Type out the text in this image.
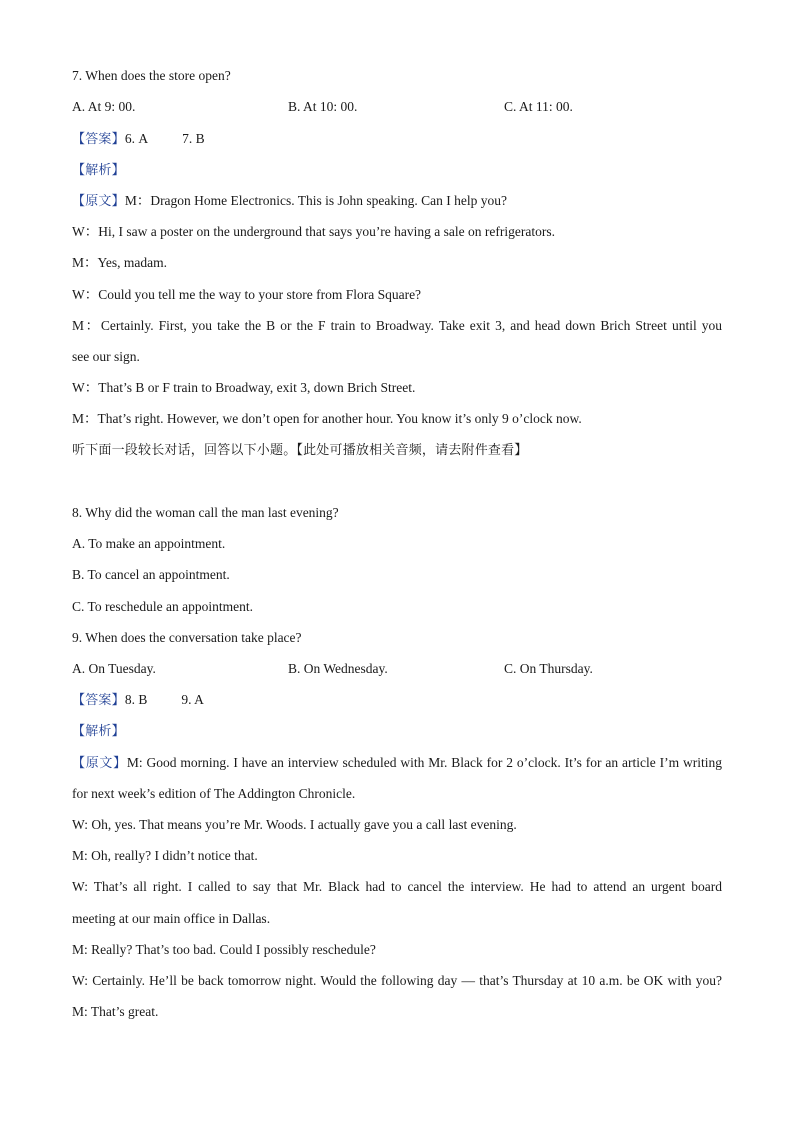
7. When does the store open?
A. At 9: 00.	B. At 10: 00.	C. At 11: 00.
【答案】6. A	7. B
【解析】
【原文】M：Dragon Home Electronics. This is John speaking. Can I help you?
W：Hi, I saw a poster on the underground that says you’re having a sale on refrigerators.
M：Yes, madam.
W：Could you tell me the way to your store from Flora Square?
M：Certainly. First, you take the B or the F train to Broadway. Take exit 3, and head down Brich Street until you
see our sign.
W：That’s B or F train to Broadway, exit 3, down Brich Street.
M：That’s right. However, we don’t open for another hour. You know it’s only 9 o’clock now.
听下面一段较长对话，回答以下小题。【此处可播放相关音频，请去附件查看】
8. Why did the woman call the man last evening?
A. To make an appointment.
B. To cancel an appointment.
C. To reschedule an appointment.
9. When does the conversation take place?
A. On Tuesday.	B. On Wednesday.	C. On Thursday.
【答案】8. B	9. A
【解析】
【原文】M: Good morning. I have an interview scheduled with Mr. Black for 2 o’clock. It’s for an article I’m writing
for next week’s edition of The Addington Chronicle.
W: Oh, yes. That means you’re Mr. Woods. I actually gave you a call last evening.
M: Oh, really? I didn’t notice that.
W: That’s all right. I called to say that Mr. Black had to cancel the interview. He had to attend an urgent board
meeting at our main office in Dallas.
M: Really? That’s too bad. Could I possibly reschedule?
W: Certainly. He’ll be back tomorrow night. Would the following day — that’s Thursday at 10 a.m. be OK with you?
M: That’s great.
